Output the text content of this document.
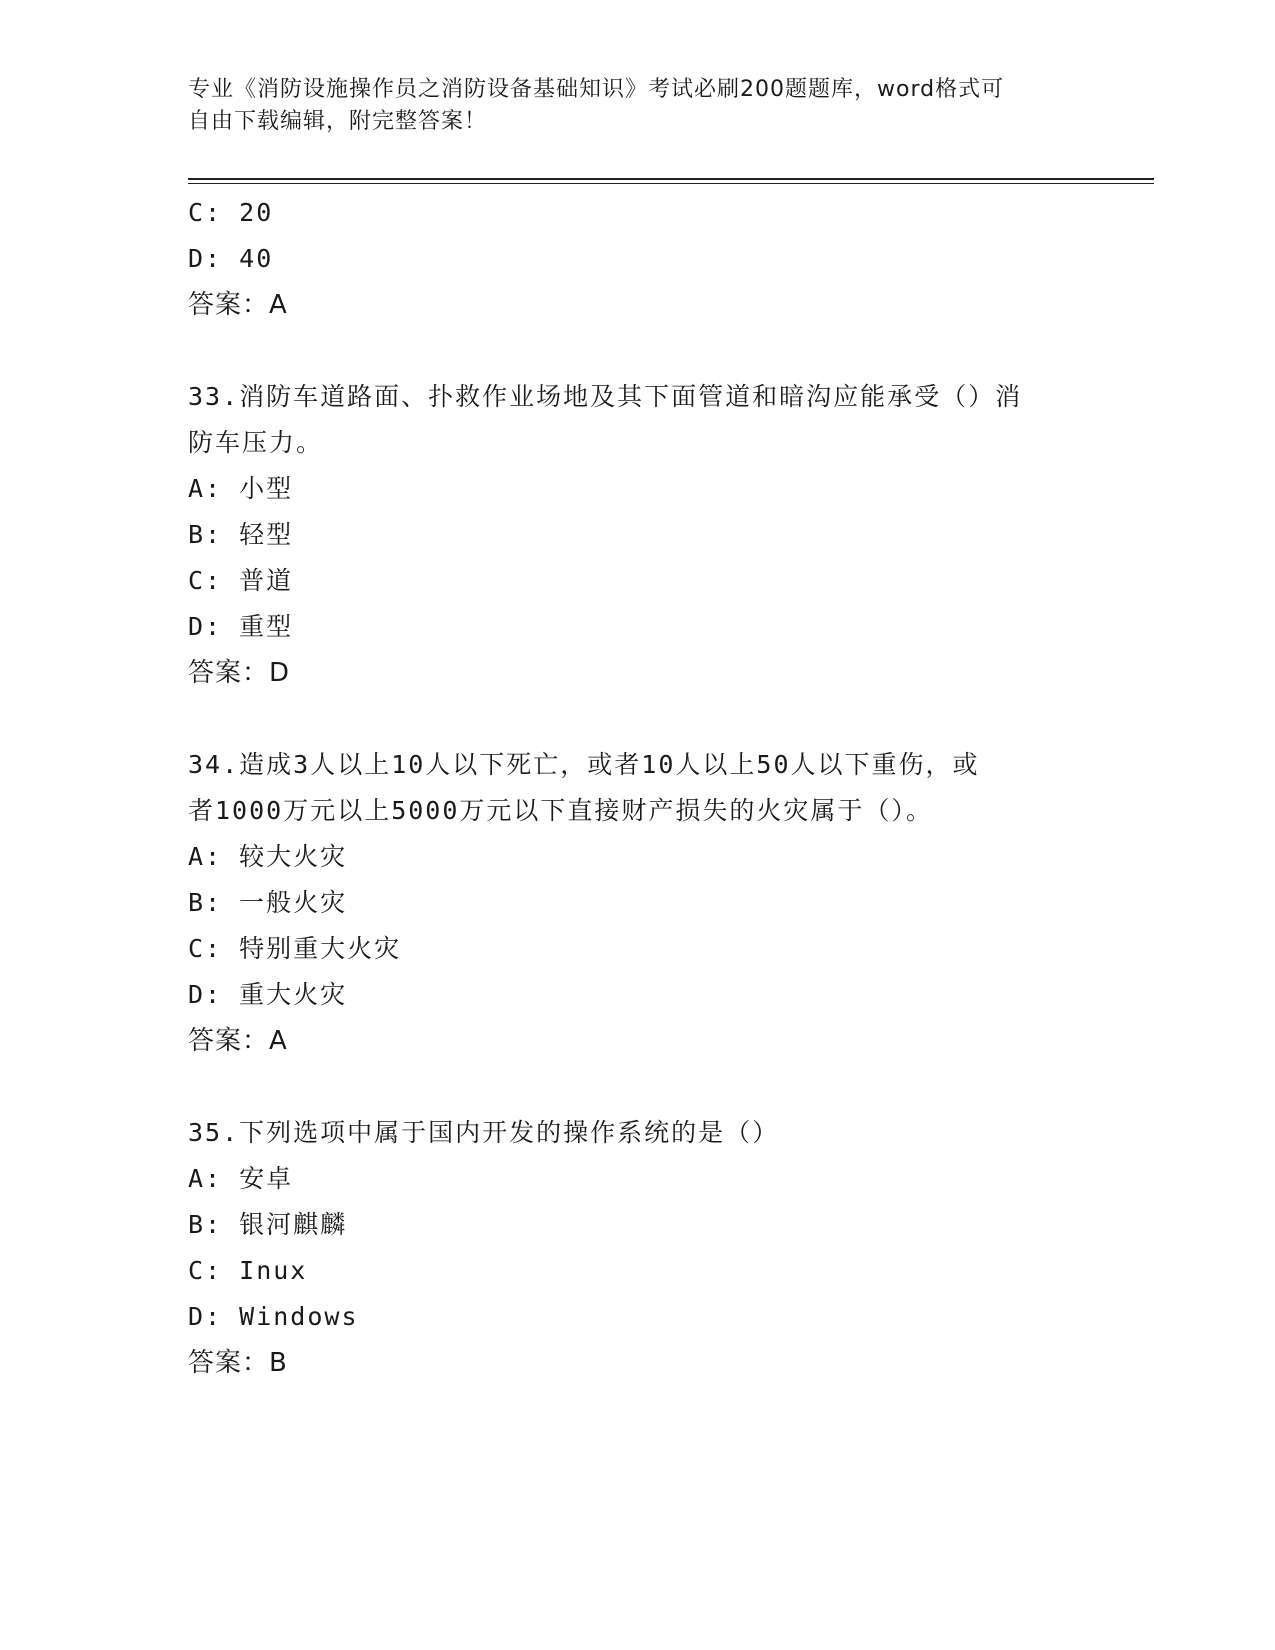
专业《消防设施操作员之消防设备基础知识》考试必刷200题题库，word格式可
自由下载编辑，附完整答案！
C: 20
D: 40
答案：A
33.消防车道路面、扑救作业场地及其下面管道和暗沟应能承受（）消
防车压力。
A: 小型
B: 轻型
C: 普道
D: 重型
答案：D
34.造成3人以上10人以下死亡，或者10人以上50人以下重伤，或
者1000万元以上5000万元以下直接财产损失的火灾属于（）。
A: 较大火灾
B: 一般火灾
C: 特别重大火灾
D: 重大火灾
答案：A
35.下列选项中属于国内开发的操作系统的是（）
A: 安卓
B: 银河麒麟
C: Inux
D: Windows
答案：B
